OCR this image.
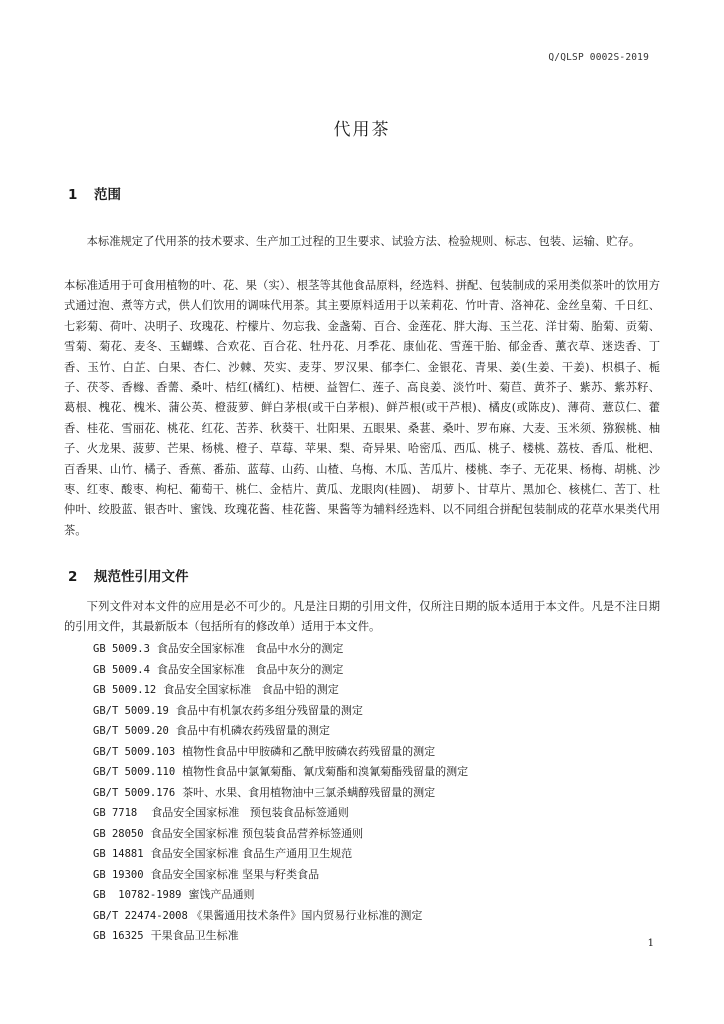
Q/QLSP 0002S-2019
代用茶
1 范围

本标准规定了代用茶的技术要求、生产加工过程的卫生要求、试验方法、检验规则、标志、包装、运输、贮存。

本标准适用于可食用植物的叶、花、果（实）、根茎等其他食品原料，经选料、拼配、包装制成的采用类似茶叶的饮用方式通过泡、煮等方式，供人们饮用的调味代用茶。其主要原料适用于以茉莉花、竹叶青、洛神花、金丝皇菊、千日红、七彩菊、荷叶、决明子、玫瑰花、柠檬片、勿忘我、金盏菊、百合、金莲花、胖大海、玉兰花、洋甘菊、胎菊、贡菊、雪菊、菊花、麦冬、玉蝴蝶、合欢花、百合花、牡丹花、月季花、康仙花、雪莲干胎、郁金香、薰衣草、迷迭香、丁香、玉竹、白芷、白果、杏仁、沙棘、芡实、麦芽、罗汉果、郁李仁、金银花、青果、姜(生姜、干姜)、枳椇子、栀子、茯苓、香橼、香薷、桑叶、桔红(橘红)、桔梗、益智仁、莲子、高良姜、淡竹叶、菊苣、黄芥子、紫苏、紫苏籽、葛根、槐花、槐米、蒲公英、橙菠萝、鲜白茅根(或干白茅根)、鲜芦根(或干芦根)、橘皮(或陈皮)、薄荷、薏苡仁、藿香、桂花、雪丽花、桃花、红花、苦荞、秋葵干、壮阳果、五眼果、桑葚、桑叶、罗布麻、大麦、玉米须、猕猴桃、柚子、火龙果、菠萝、芒果、杨桃、橙子、草莓、苹果、梨、奇异果、哈密瓜、西瓜、桃子、楼桃、荔枝、香瓜、枇杷、百香果、山竹、橘子、香蕉、番茄、蓝莓、山药、山楂、乌梅、木瓜、苦瓜片、楼桃、李子、无花果、杨梅、胡桃、沙枣、红枣、酸枣、枸杞、葡萄干、桃仁、金桔片、黄瓜、龙眼肉(桂圆)、 胡萝卜、甘草片、黑加仑、核桃仁、苦丁、杜仲叶、绞股蓝、银杏叶、蜜饯、玫瑰花酱、桂花酱、果酱等为辅料经选料、以不同组合拼配包装制成的花草水果类代用茶。

2 规范性引用文件

下列文件对本文件的应用是必不可少的。凡是注日期的引用文件，仅所注日期的版本适用于本文件。凡是不注日期的引用文件，其最新版本（包括所有的修改单）适用于本文件。

GB 5009.3 食品安全国家标准   食品中水分的测定
GB 5009.4 食品安全国家标准   食品中灰分的测定
GB 5009.12 食品安全国家标准   食品中铅的测定
GB/T 5009.19 食品中有机氯农药多组分残留量的测定
GB/T 5009.20 食品中有机磷农药残留量的测定
GB/T 5009.103 植物性食品中甲胺磷和乙酰甲胺磷农药残留量的测定
GB/T 5009.110 植物性食品中氯氰菊酯、氰戊菊酯和溴氰菊酯残留量的测定
GB/T 5009.176 茶叶、水果、食用植物油中三氯杀螨醇残留量的测定
GB 7718 食品安全国家标准   预包装食品标签通则
GB 28050 食品安全国家标准 预包装食品营养标签通则
GB 14881 食品安全国家标准 食品生产通用卫生规范
GB 19300 食品安全国家标准 坚果与籽类食品
GB  10782-1989 蜜饯产品通则
GB/T 22474-2008 《果酱通用技术条件》国内贸易行业标准的测定
GB 16325 干果食品卫生标准
1
